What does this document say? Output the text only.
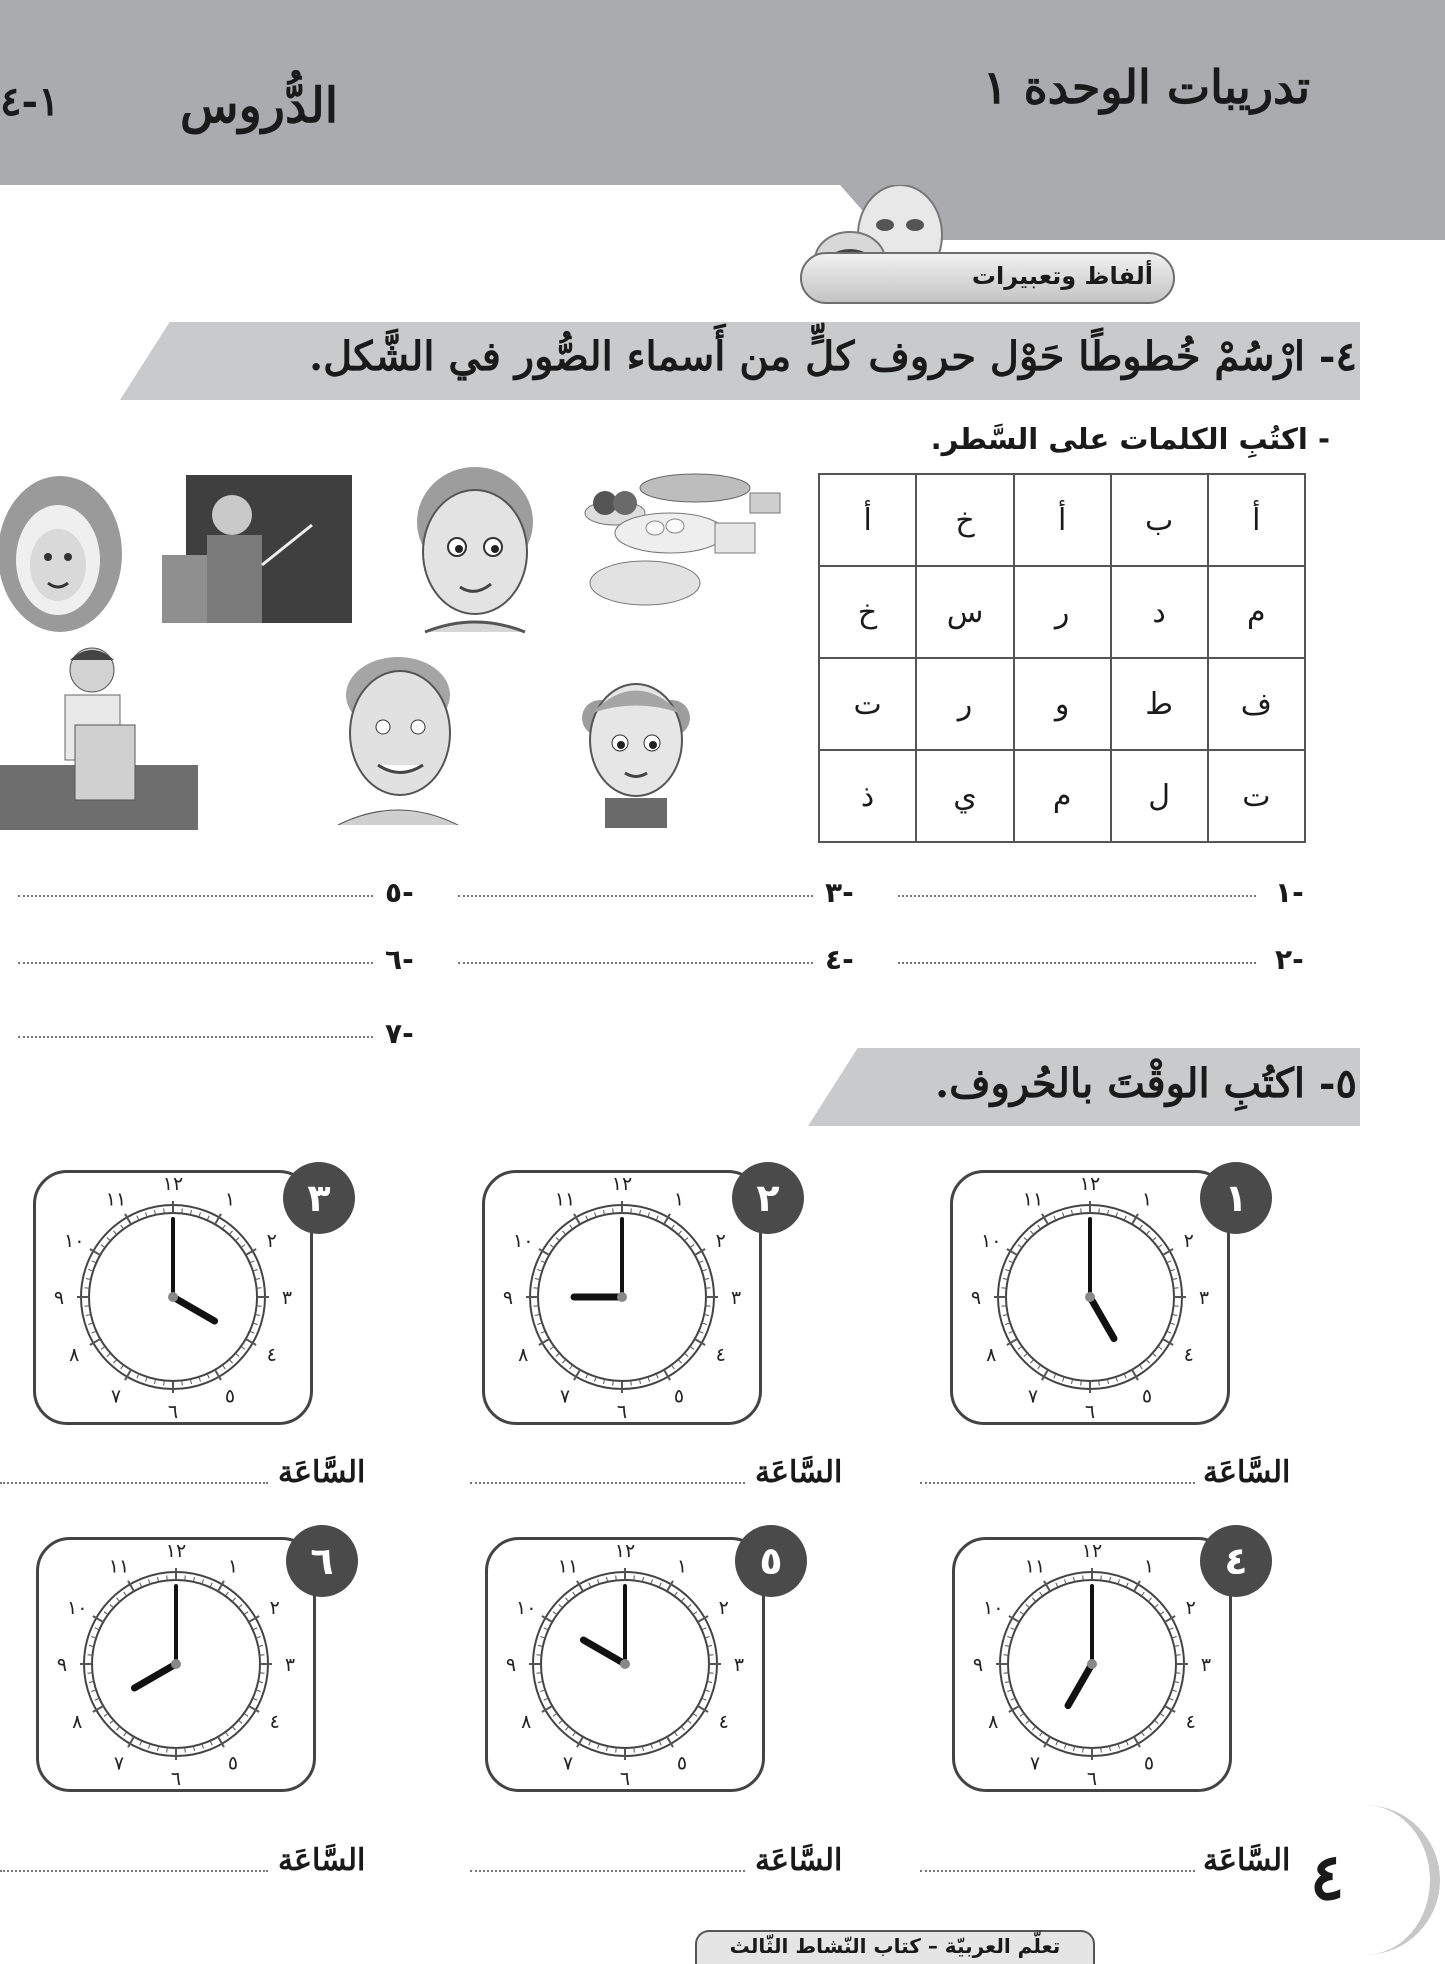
تدريبات الوحدة ١
الدُّروس
١-٤
ألفاظ وتعبيرات
٤- ارْسُمْ خُطوطًا حَوْل حروف كلٍّ من أَسماء الصُّور في الشَّكل.
- اكتُبِ الكلمات على السَّطر.
أ	ب	أ	خ	أ
م	د	ر	س	خ
ف	ط	و	ر	ت
ت	ل	م	ي	ذ
١-
٢-
٣-
٤-
٥-
٦-
٧-
٥- اكتُبِ الوقْتَ بالحُروف.
١٢
١
٢
٣
٤
٥
٦
٧
٨
٩
١٠
١١	١
١٢
١
٢
٣
٤
٥
٦
٧
٨
٩
١٠
١١	٢
١٢
١
٢
٣
٤
٥
٦
٧
٨
٩
١٠
١١	٣
١٢
١
٢
٣
٤
٥
٦
٧
٨
٩
١٠
١١	٤
١٢
١
٢
٣
٤
٥
٦
٧
٨
٩
١٠
١١	٥
١٢
١
٢
٣
٤
٥
٦
٧
٨
٩
١٠
١١	٦
السَّاعَة
السَّاعَة
السَّاعَة
السَّاعَة
السَّاعَة
السَّاعَة	٤
تعلّم العربيّة – كتاب النّشاط الثّالث
